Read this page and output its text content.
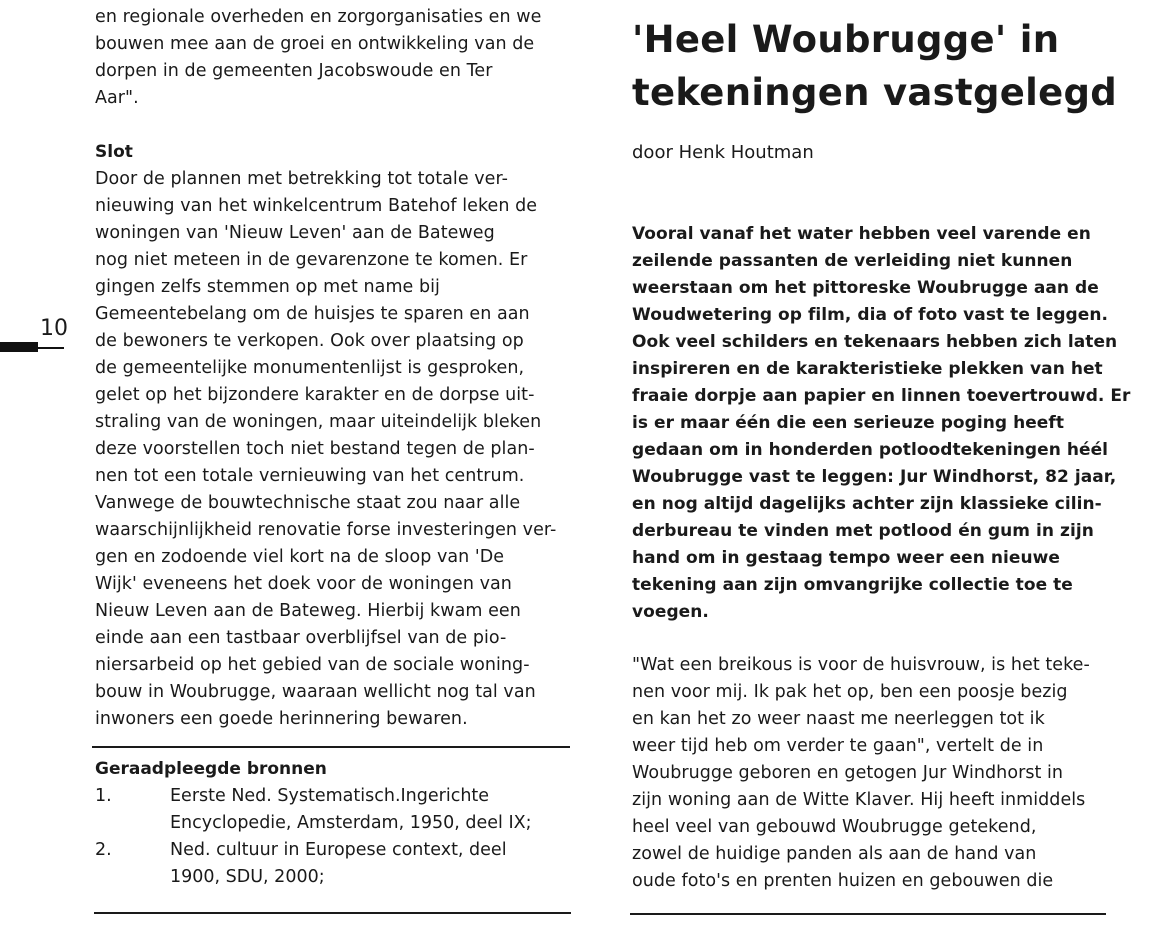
10
en regionale overheden en zorgorganisaties en we
bouwen mee aan de groei en ontwikkeling van de
dorpen in de gemeenten Jacobswoude en Ter
Aar".
Slot
Door de plannen met betrekking tot totale ver-
nieuwing van het winkelcentrum Batehof leken de
woningen van 'Nieuw Leven' aan de Bateweg
nog niet meteen in de gevarenzone te komen. Er
gingen zelfs stemmen op met name bij
Gemeentebelang om de huisjes te sparen en aan
de bewoners te verkopen. Ook over plaatsing op
de gemeentelijke monumentenlijst is gesproken,
gelet op het bijzondere karakter en de dorpse uit-
straling van de woningen, maar uiteindelijk bleken
deze voorstellen toch niet bestand tegen de plan-
nen tot een totale vernieuwing van het centrum.
Vanwege de bouwtechnische staat zou naar alle
waarschijnlijkheid renovatie forse investeringen ver-
gen en zodoende viel kort na de sloop van 'De
Wijk' eveneens het doek voor de woningen van
Nieuw Leven aan de Bateweg. Hierbij kwam een
einde aan een tastbaar overblijfsel van de pio-
niersarbeid op het gebied van de sociale woning-
bouw in Woubrugge, waaraan wellicht nog tal van
inwoners een goede herinnering bewaren.
Geraadpleegde bronnen
1.	Eerste Ned. Systematisch.Ingerichte
Encyclopedie, Amsterdam, 1950, deel IX;
2.	Ned. cultuur in Europese context, deel
1900, SDU, 2000;
'Heel Woubrugge' in
tekeningen vastgelegd
door Henk Houtman
Vooral vanaf het water hebben veel varende en
zeilende passanten de verleiding niet kunnen
weerstaan om het pittoreske Woubrugge aan de
Woudwetering op film, dia of foto vast te leggen.
Ook veel schilders en tekenaars hebben zich laten
inspireren en de karakteristieke plekken van het
fraaie dorpje aan papier en linnen toevertrouwd. Er
is er maar één die een serieuze poging heeft
gedaan om in honderden potloodtekeningen héél
Woubrugge vast te leggen: Jur Windhorst, 82 jaar,
en nog altijd dagelijks achter zijn klassieke cilin-
derbureau te vinden met potlood én gum in zijn
hand om in gestaag tempo weer een nieuwe
tekening aan zijn omvangrijke collectie toe te
voegen.
"Wat een breikous is voor de huisvrouw, is het teke-
nen voor mij. Ik pak het op, ben een poosje bezig
en kan het zo weer naast me neerleggen tot ik
weer tijd heb om verder te gaan", vertelt de in
Woubrugge geboren en getogen Jur Windhorst in
zijn woning aan de Witte Klaver. Hij heeft inmiddels
heel veel van gebouwd Woubrugge getekend,
zowel de huidige panden als aan de hand van
oude foto's en prenten huizen en gebouwen die
